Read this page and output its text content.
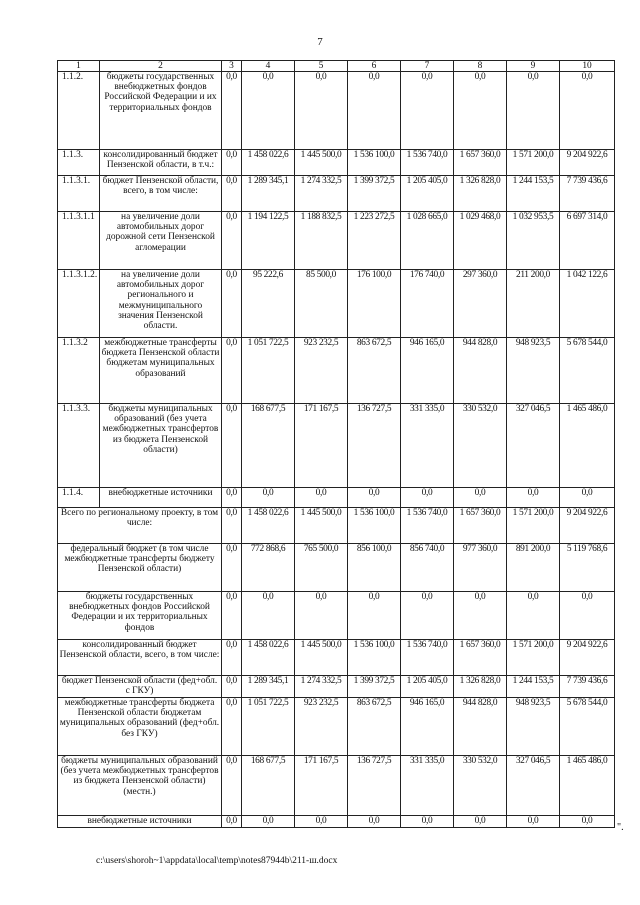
7
1	2	3	4	5	6	7	8	9	10
1.1.2.	бюджеты государственных внебюджетных фондов Российской Федерации и их территориальных фондов	0,0	0,0	0,0	0,0	0,0	0,0	0,0	0,0
1.1.3.	консолидированный бюджет Пензенской области, в т.ч.:	0,0	1 458 022,6	1 445 500,0	1 536 100,0	1 536 740,0	1 657 360,0	1 571 200,0	9 204 922,6
1.1.3.1.	бюджет Пензенской области, всего, в том числе:	0,0	1 289 345,1	1 274 332,5	1 399 372,5	1 205 405,0	1 326 828,0	1 244 153,5	7 739 436,6
1.1.3.1.1	на увеличение доли автомобильных дорог дорожной сети Пензенской агломерации	0,0	1 194 122,5	1 188 832,5	1 223 272,5	1 028 665,0	1 029 468,0	1 032 953,5	6 697 314,0
1.1.3.1.2.	на увеличение доли автомобильных дорог регионального и межмуниципального значения Пензенской области.	0,0	95 222,6	85 500,0	176 100,0	176 740,0	297 360,0	211 200,0	1 042 122,6
1.1.3.2	межбюджетные трансферты бюджета Пензенской области бюджетам муниципальных образований	0,0	1 051 722,5	923 232,5	863 672,5	946 165,0	944 828,0	948 923,5	5 678 544,0
1.1.3.3.	бюджеты муниципальных образований (без учета межбюджетных трансфертов из бюджета Пензенской области)	0,0	168 677,5	171 167,5	136 727,5	331 335,0	330 532,0	327 046,5	1 465 486,0
1.1.4.	внебюджетные источники	0,0	0,0	0,0	0,0	0,0	0,0	0,0	0,0
Всего по региональному проекту, в том числе:		0,0	1 458 022,6	1 445 500,0	1 536 100,0	1 536 740,0	1 657 360,0	1 571 200,0	9 204 922,6
федеральный бюджет (в том числе межбюджетные трансферты бюджету Пензенской области)		0,0	772 868,6	765 500,0	856 100,0	856 740,0	977 360,0	891 200,0	5 119 768,6
бюджеты государственных внебюджетных фондов Российской Федерации и их территориальных фондов		0,0	0,0	0,0	0,0	0,0	0,0	0,0	0,0
консолидированный бюджет Пензенской области, всего, в том числе:		0,0	1 458 022,6	1 445 500,0	1 536 100,0	1 536 740,0	1 657 360,0	1 571 200,0	9 204 922,6
бюджет Пензенской области (фед+обл. с ГКУ)		0,0	1 289 345,1	1 274 332,5	1 399 372,5	1 205 405,0	1 326 828,0	1 244 153,5	7 739 436,6
межбюджетные трансферты бюджета Пензенской области бюджетам муниципальных образований (фед+обл. без ГКУ)		0,0	1 051 722,5	923 232,5	863 672,5	946 165,0	944 828,0	948 923,5	5 678 544,0
бюджеты муниципальных образований (без учета межбюджетных трансфертов из бюджета Пензенской области) (местн.)		0,0	168 677,5	171 167,5	136 727,5	331 335,0	330 532,0	327 046,5	1 465 486,0
внебюджетные источники		0,0	0,0	0,0	0,0	0,0	0,0	0,0	0,0
".
c:\users\shoroh~1\appdata\local\temp\notes87944b\211-ш.docx
